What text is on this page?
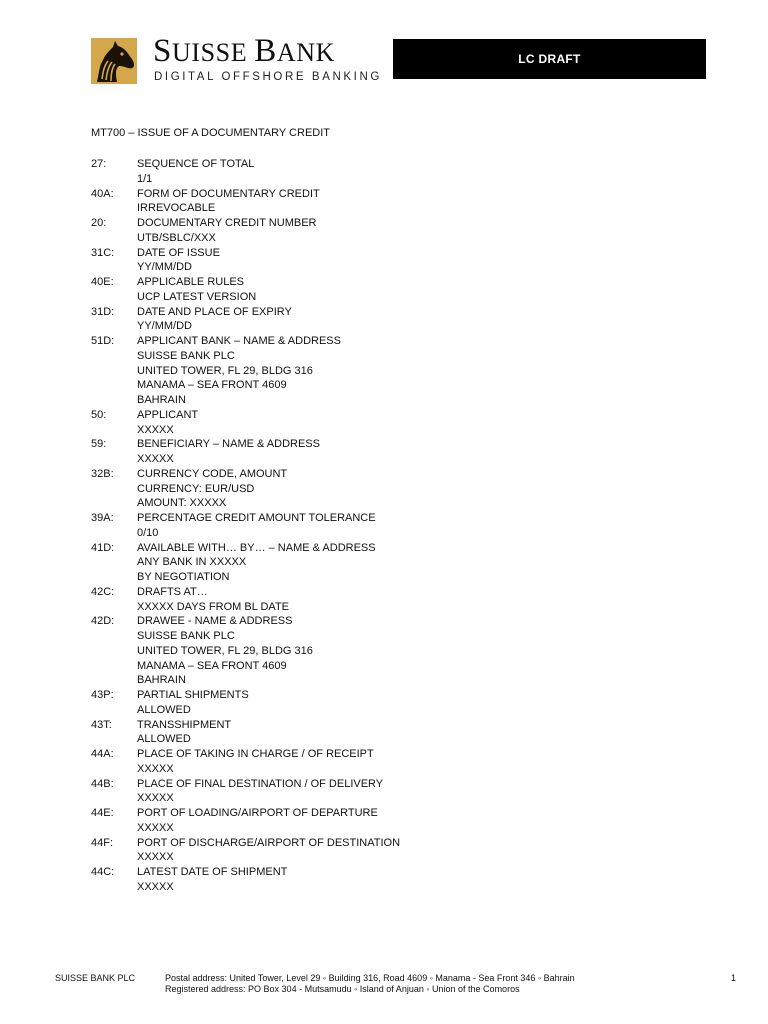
SUISSE BANK
DIGITAL OFFSHORE BANKING
LC DRAFT
MT700 – ISSUE OF A DOCUMENTARY CREDIT
27:	SEQUENCE OF TOTAL
1/1
40A:	FORM OF DOCUMENTARY CREDIT
IRREVOCABLE
20:	DOCUMENTARY CREDIT NUMBER
UTB/SBLC/XXX
31C:	DATE OF ISSUE
YY/MM/DD
40E:	APPLICABLE RULES
UCP LATEST VERSION
31D:	DATE AND PLACE OF EXPIRY
YY/MM/DD
51D:	APPLICANT BANK – NAME & ADDRESS
SUISSE BANK PLC
UNITED TOWER, FL 29, BLDG 316
MANAMA – SEA FRONT 4609
BAHRAIN
50:	APPLICANT
XXXXX
59:	BENEFICIARY – NAME & ADDRESS
XXXXX
32B:	CURRENCY CODE, AMOUNT
CURRENCY: EUR/USD
AMOUNT: XXXXX
39A:	PERCENTAGE CREDIT AMOUNT TOLERANCE
0/10
41D:	AVAILABLE WITH… BY… – NAME & ADDRESS
ANY BANK IN XXXXX
BY NEGOTIATION
42C:	DRAFTS AT…
XXXXX DAYS FROM BL DATE
42D:	DRAWEE - NAME & ADDRESS
SUISSE BANK PLC
UNITED TOWER, FL 29, BLDG 316
MANAMA – SEA FRONT 4609
BAHRAIN
43P:	PARTIAL SHIPMENTS
ALLOWED
43T:	TRANSSHIPMENT
ALLOWED
44A:	PLACE OF TAKING IN CHARGE / OF RECEIPT
XXXXX
44B:	PLACE OF FINAL DESTINATION / OF DELIVERY
XXXXX
44E:	PORT OF LOADING/AIRPORT OF DEPARTURE
XXXXX
44F:	PORT OF DISCHARGE/AIRPORT OF DESTINATION
XXXXX
44C:	LATEST DATE OF SHIPMENT
XXXXX
SUISSE BANK PLC	Postal address: United Tower, Level 29 ◦ Building 316, Road 4609 ◦ Manama - Sea Front 346 ◦ Bahrain
Registered address: PO Box 304 - Mutsamudu ◦ Island of Anjuan ◦ Union of the Comoros
1
